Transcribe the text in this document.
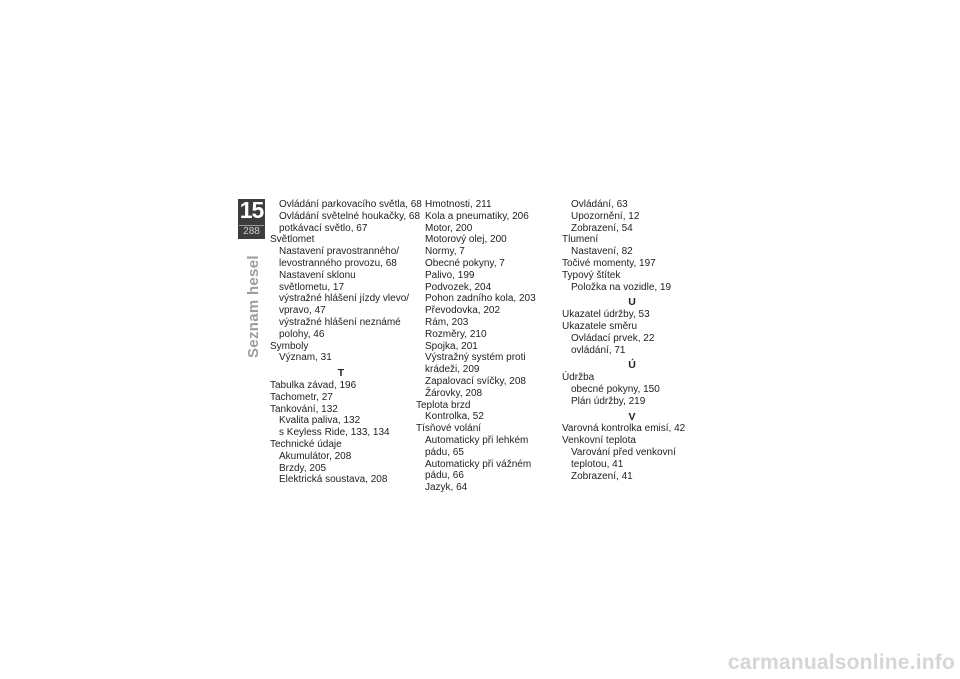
15
288
Seznam hesel
Ovládání parkovacího světla, 68
Ovládání světelné houkačky, 68
potkávací světlo, 67
Světlomet
Nastavení pravostranného/
levostranného provozu, 68
Nastavení sklonu
světlometu, 17
výstražné hlášení jízdy vlevo/
vpravo, 47
výstražné hlášení neznámé
polohy, 46
Symboly
Význam, 31
T
Tabulka závad, 196
Tachometr, 27
Tankování, 132
Kvalita paliva, 132
s Keyless Ride, 133, 134
Technické údaje
Akumulátor, 208
Brzdy, 205
Elektrická soustava, 208
Hmotnosti, 211
Kola a pneumatiky, 206
Motor, 200
Motorový olej, 200
Normy, 7
Obecné pokyny, 7
Palivo, 199
Podvozek, 204
Pohon zadního kola, 203
Převodovka, 202
Rám, 203
Rozměry, 210
Spojka, 201
Výstražný systém proti
krádeži, 209
Zapalovací svíčky, 208
Žárovky, 208
Teplota brzd
Kontrolka, 52
Tísňové volání
Automaticky při lehkém
pádu, 65
Automaticky při vážném
pádu, 66
Jazyk, 64
Ovládání, 63
Upozornění, 12
Zobrazení, 54
Tlumení
Nastavení, 82
Točivé momenty, 197
Typový štítek
Položka na vozidle, 19
U
Ukazatel údržby, 53
Ukazatele směru
Ovládací prvek, 22
ovládání, 71
Ú
Údržba
obecné pokyny, 150
Plán údržby, 219
V
Varovná kontrolka emisí, 42
Venkovní teplota
Varování před venkovní
teplotou, 41
Zobrazení, 41
carmanualsonline.info
